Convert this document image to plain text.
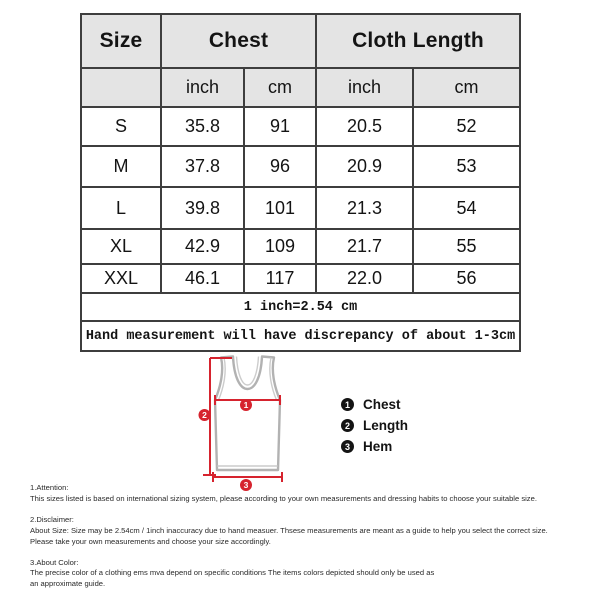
Size	Chest		Cloth Length	
	inch	cm	inch	cm
S	35.8	91	20.5	52
M	37.8	96	20.9	53
L	39.8	101	21.3	54
XL	42.9	109	21.7	55
XXL	46.1	117	22.0	56
1 inch=2.54 cm				
Hand measurement will have discrepancy of about 1-3cm				
1
2
3
1 Chest
2 Length
3 Hem
1.Attention:
This sizes listed is based on international sizing system, please according to your own measurements and dressing habits to choose your suitable size.
2.Disclaimer:
About Size: Size may be 2.54cm / 1inch inaccuracy due to hand measuer. Thsese measurements are meant as a guide to help you select the correct size.
Please take your own measurements and choose your size accordingly.
3.About Color:
The precise color of a clothing ems mva depend on specific conditions The items colors depicted should only be used as
an approximate guide.
